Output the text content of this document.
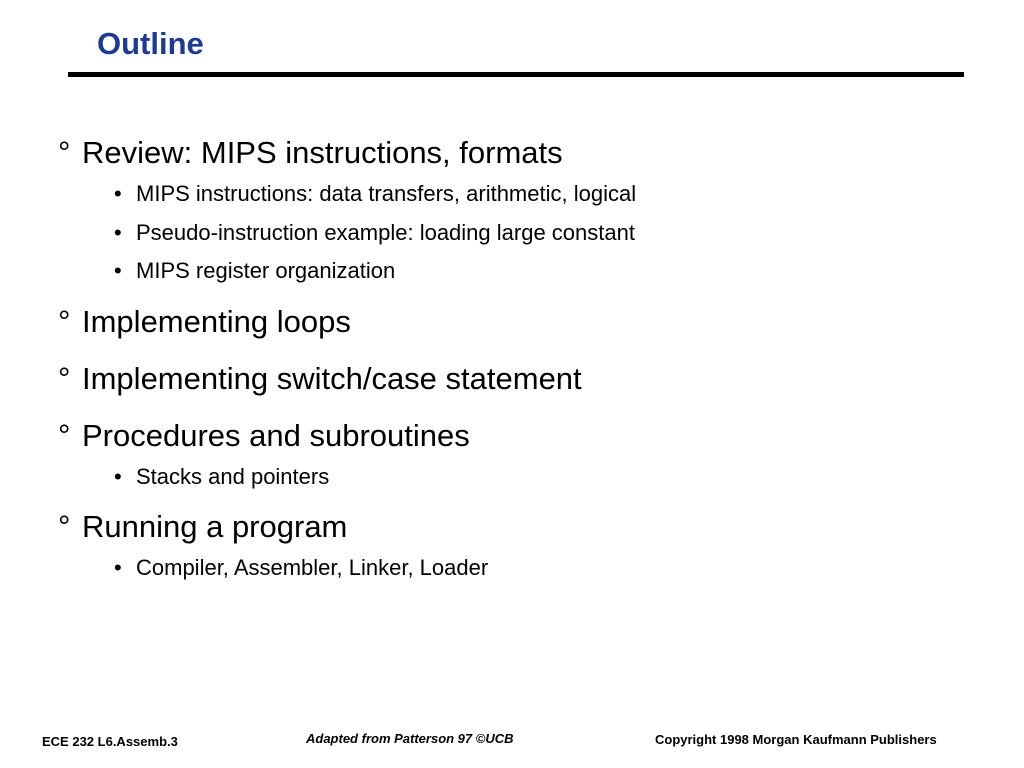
Outline
° Review: MIPS instructions, formats
• MIPS instructions: data transfers, arithmetic, logical
• Pseudo-instruction example: loading large constant
• MIPS register organization
° Implementing loops
° Implementing switch/case statement
° Procedures and subroutines
• Stacks and pointers
° Running a program
• Compiler, Assembler, Linker, Loader
ECE 232 L6.Assemb.3	Adapted from Patterson 97 ©UCB	Copyright 1998 Morgan Kaufmann Publishers
